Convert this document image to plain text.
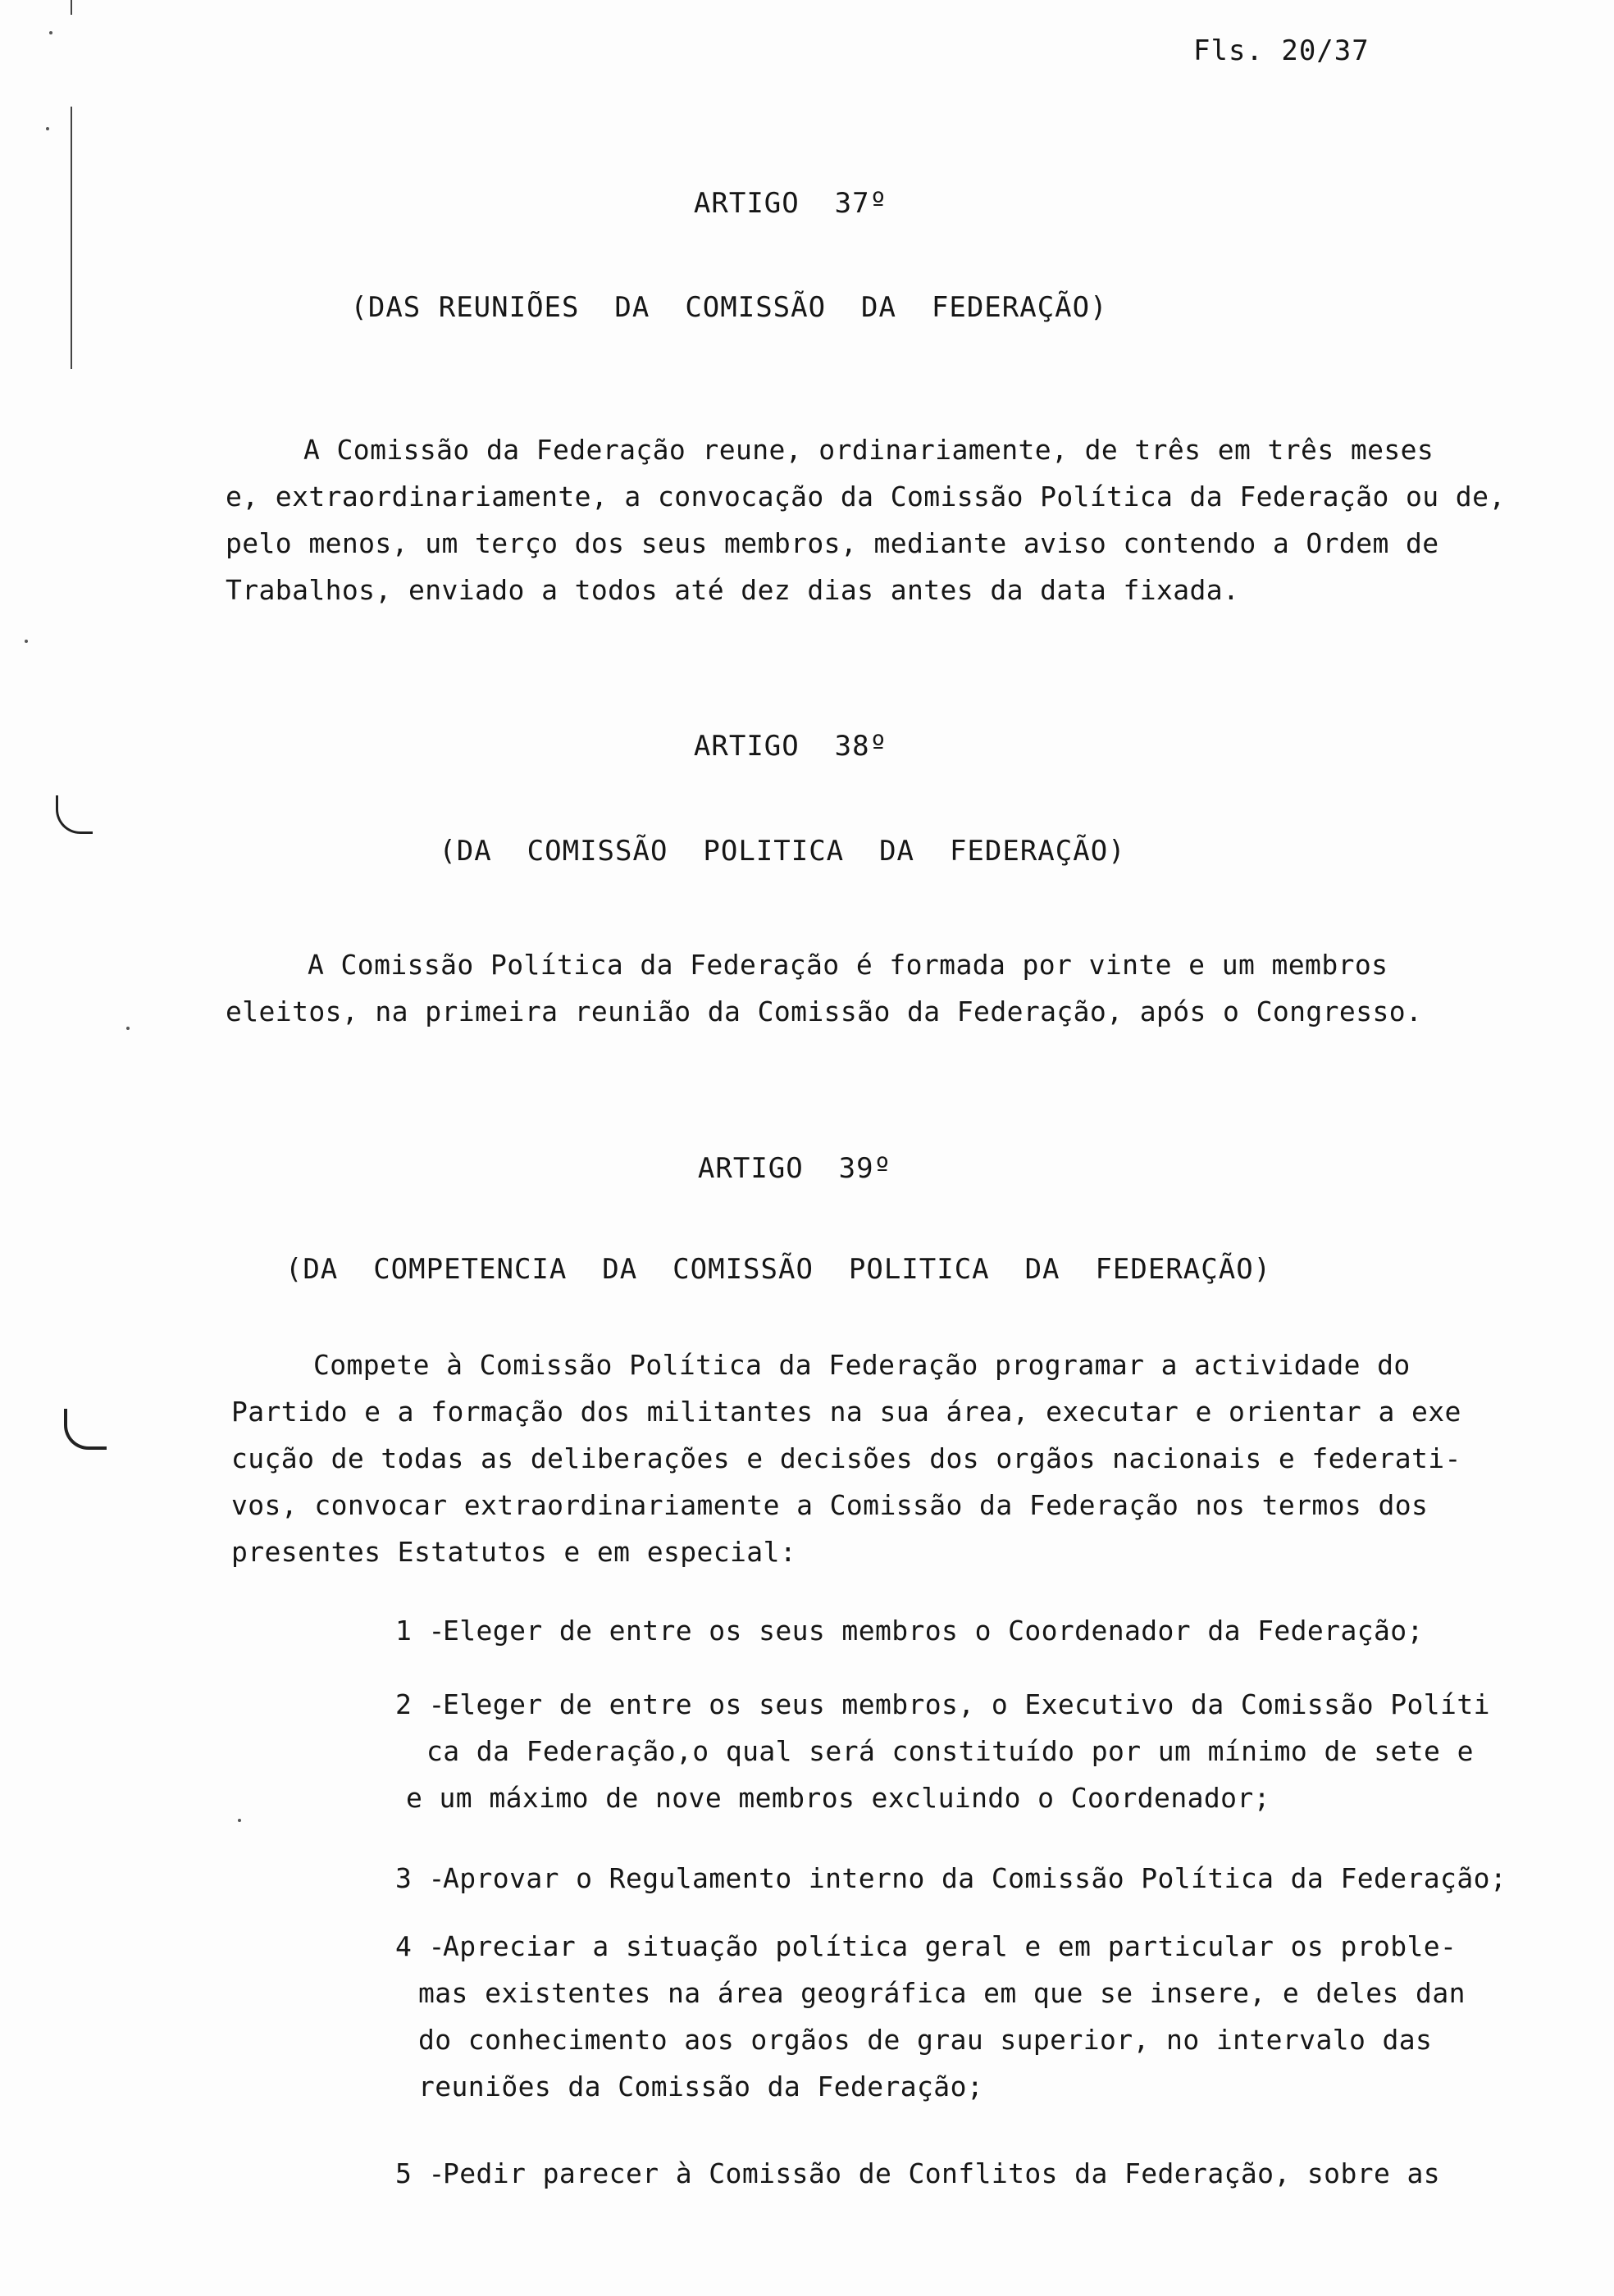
Fls. 20/37
ARTIGO  37º
(DAS REUNIÕES  DA  COMISSÃO  DA  FEDERAÇÃO)
A Comissão da Federação reune, ordinariamente, de três em três meses
e, extraordinariamente, a convocação da Comissão Política da Federação ou de,
pelo menos, um terço dos seus membros, mediante aviso contendo a Ordem de
Trabalhos, enviado a todos até dez dias antes da data fixada.
ARTIGO  38º
(DA  COMISSÃO  POLITICA  DA  FEDERAÇÃO)
A Comissão Política da Federação é formada por vinte e um membros
eleitos, na primeira reunião da Comissão da Federação, após o Congresso.
ARTIGO  39º
(DA  COMPETENCIA  DA  COMISSÃO  POLITICA  DA  FEDERAÇÃO)
Compete à Comissão Política da Federação programar a actividade do
Partido e a formação dos militantes na sua área, executar e orientar a exe
cução de todas as deliberações e decisões dos orgãos nacionais e federati-
vos, convocar extraordinariamente a Comissão da Federação nos termos dos
presentes Estatutos e em especial:
1 -
Eleger de entre os seus membros o Coordenador da Federação;
2 -
Eleger de entre os seus membros, o Executivo da Comissão Políti
ca da Federação,o qual será constituído por um mínimo de sete e
e um máximo de nove membros excluindo o Coordenador;
3 -
Aprovar o Regulamento interno da Comissão Política da Federação;
4 -
Apreciar a situação política geral e em particular os proble-
mas existentes na área geográfica em que se insere, e deles dan
do conhecimento aos orgãos de grau superior, no intervalo das
reuniões da Comissão da Federação;
5 -
Pedir parecer à Comissão de Conflitos da Federação, sobre as
